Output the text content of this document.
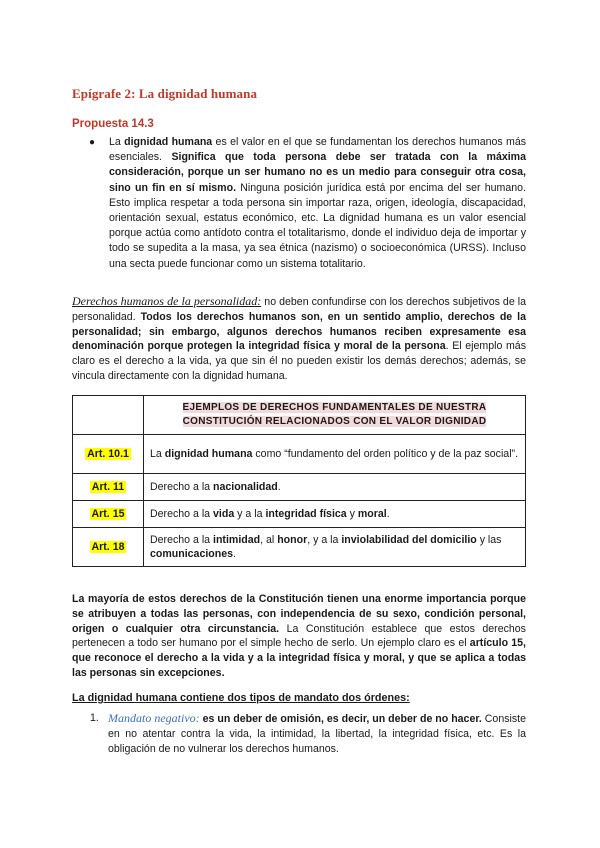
Epígrafe 2: La dignidad humana
Propuesta 14.3
● La dignidad humana es el valor en el que se fundamentan los derechos humanos más esenciales. Significa que toda persona debe ser tratada con la máxima consideración, porque un ser humano no es un medio para conseguir otra cosa, sino un fin en sí mismo. Ninguna posición jurídica está por encima del ser humano. Esto implica respetar a toda persona sin importar raza, origen, ideología, discapacidad, orientación sexual, estatus económico, etc. La dignidad humana es un valor esencial porque actúa como antídoto contra el totalitarismo, donde el individuo deja de importar y todo se supedita a la masa, ya sea étnica (nazismo) o socioeconómica (URSS). Incluso una secta puede funcionar como un sistema totalitario.
Derechos humanos de la personalidad: no deben confundirse con los derechos subjetivos de la personalidad. Todos los derechos humanos son, en un sentido amplio, derechos de la personalidad; sin embargo, algunos derechos humanos reciben expresamente esa denominación porque protegen la integridad física y moral de la persona. El ejemplo más claro es el derecho a la vida, ya que sin él no pueden existir los demás derechos; además, se vincula directamente con la dignidad humana.
	EJEMPLOS DE DERECHOS FUNDAMENTALES DE NUESTRA
CONSTITUCIÓN RELACIONADOS CON EL VALOR DIGNIDAD
Art. 10.1	La dignidad humana como “fundamento del orden político y de la paz social”.
Art. 11	Derecho a la nacionalidad.
Art. 15	Derecho a la vida y a la integridad física y moral.
Art. 18	Derecho a la intimidad, al honor, y a la inviolabilidad del domicilio y las comunicaciones.
La mayoría de estos derechos de la Constitución tienen una enorme importancia porque se atribuyen a todas las personas, con independencia de su sexo, condición personal, origen o cualquier otra circunstancia. La Constitución establece que estos derechos pertenecen a todo ser humano por el simple hecho de serlo. Un ejemplo claro es el artículo 15, que reconoce el derecho a la vida y a la integridad física y moral, y que se aplica a todas las personas sin excepciones.
La dignidad humana contiene dos tipos de mandato dos órdenes:
1. Mandato negativo: es un deber de omisión, es decir, un deber de no hacer. Consiste en no atentar contra la vida, la intimidad, la libertad, la integridad física, etc. Es la obligación de no vulnerar los derechos humanos.
